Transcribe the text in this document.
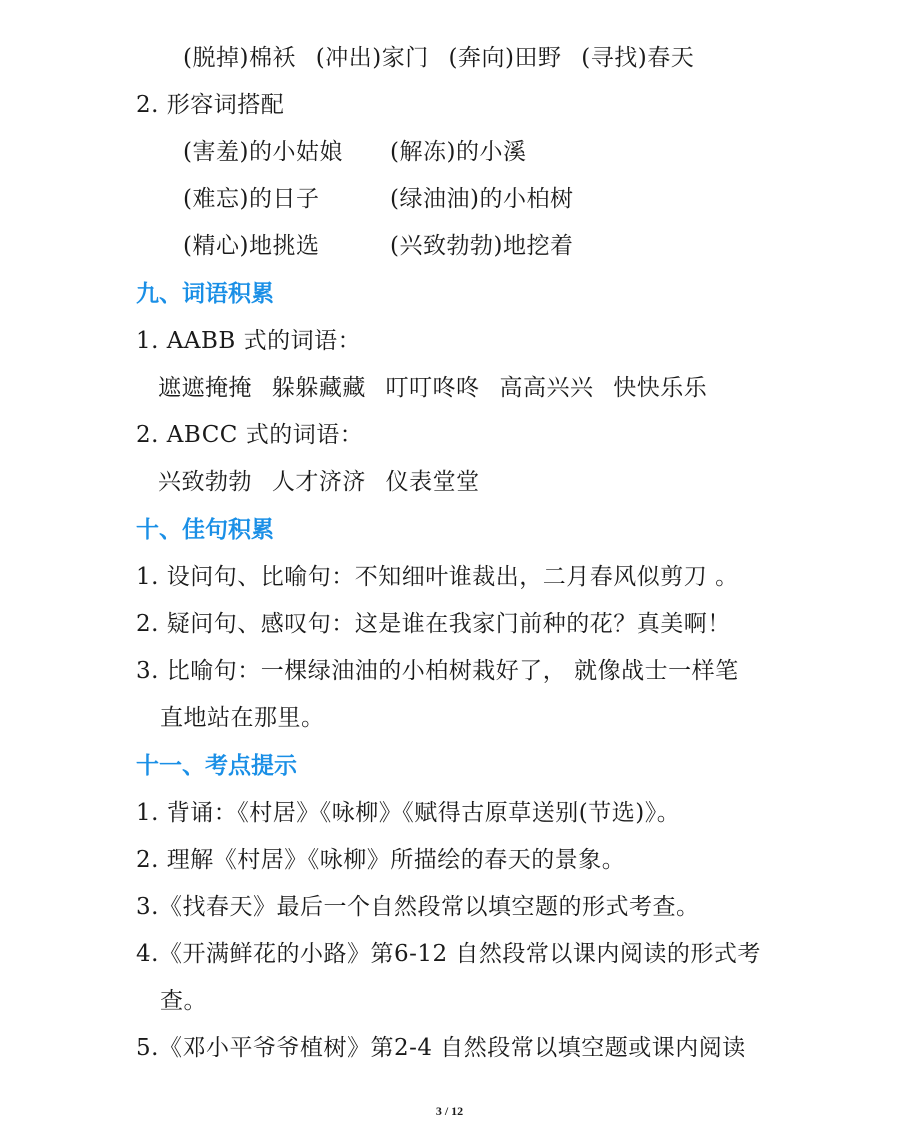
(脱掉)棉袄 (冲出)家门 (奔向)田野 (寻找)春天
2. 形容词搭配
(害羞)的小姑娘 (解冻)的小溪
(难忘)的日子	(绿油油)的小柏树
(精心)地挑选	(兴致勃勃)地挖着
九、词语积累
1. AABB 式的词语：
遮遮掩掩 躲躲藏藏 叮叮咚咚 高高兴兴 快快乐乐
2. ABCC 式的词语：
兴致勃勃 人才济济 仪表堂堂
十、佳句积累
1. 设问句、比喻句：不知细叶谁裁出，二月春风似剪刀 。
2. 疑问句、感叹句：这是谁在我家门前种的花？真美啊！
3. 比喻句：一棵绿油油的小柏树栽好了， 就像战士一样笔
直地站在那里。
十一、考点提示
1. 背诵：《村居》《咏柳》《赋得古原草送别(节选)》。
2. 理解《村居》《咏柳》所描绘的春天的景象。
3.《找春天》最后一个自然段常以填空题的形式考查。
4.《开满鲜花的小路》第6-12 自然段常以课内阅读的形式考
查。
5.《邓小平爷爷植树》第2-4 自然段常以填空题或课内阅读
3 / 12
